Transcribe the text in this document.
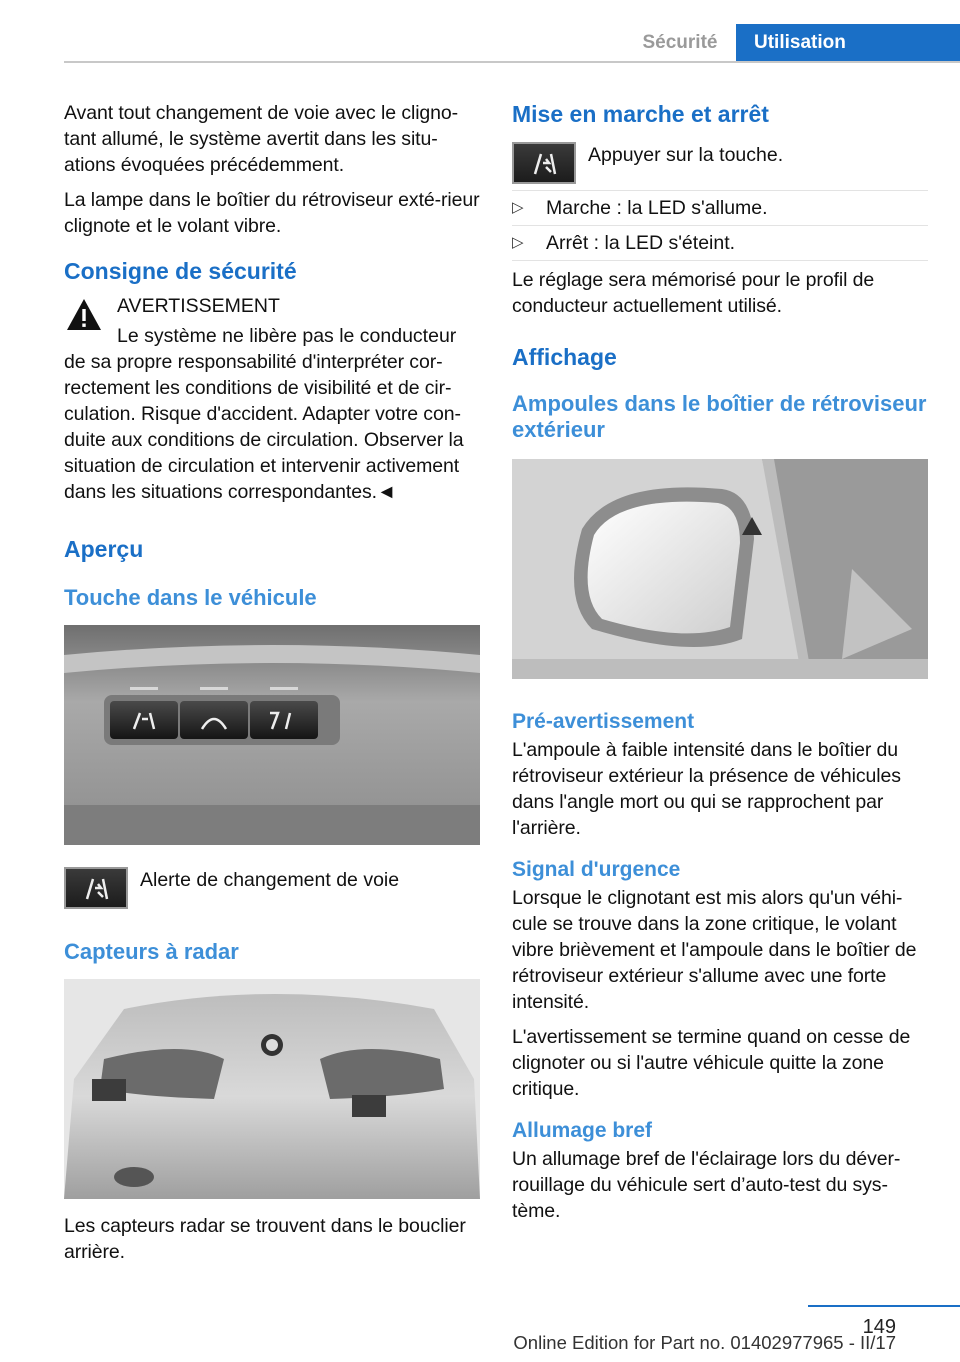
Sécurité	Utilisation

Avant tout changement de voie avec le cligno-tant allumé, le système avertit dans les situ-ations évoquées précédemment.

La lampe dans le boîtier du rétroviseur exté-rieur clignote et le volant vibre.

Consigne de sécurité
AVERTISSEMENT
Le système ne libère pas le conducteur

de sa propre responsabilité d'interpréter cor-rectement les conditions de visibilité et de cir-culation. Risque d'accident. Adapter votre con-duite aux conditions de circulation. Observer la situation de circulation et intervenir activement dans les situations correspondantes.◄

Aperçu
Touche dans le véhicule
Alerte de changement de voie
Capteurs à radar

Les capteurs radar se trouvent dans le bouclier arrière.

Mise en marche et arrêt
Appuyer sur la touche.
▷	Marche : la LED s'allume.
▷	Arrêt : la LED s'éteint.

Le réglage sera mémorisé pour le profil de conducteur actuellement utilisé.

Affichage
Ampoules dans le boîtier de rétroviseur extérieur
Pré-avertissement

L'ampoule à faible intensité dans le boîtier du rétroviseur extérieur la présence de véhicules dans l'angle mort ou qui se rapprochent par l'arrière.

Signal d'urgence

Lorsque le clignotant est mis alors qu'un véhi-cule se trouve dans la zone critique, le volant vibre brièvement et l'ampoule dans le boîtier de rétroviseur extérieur s'allume avec une forte intensité.

L'avertissement se termine quand on cesse de clignoter ou si l'autre véhicule quitte la zone critique.

Allumage bref

Un allumage bref de l'éclairage lors du déver-rouillage du véhicule sert d’auto-test du sys-tème.

149
Online Edition for Part no. 01402977965 - II/17
